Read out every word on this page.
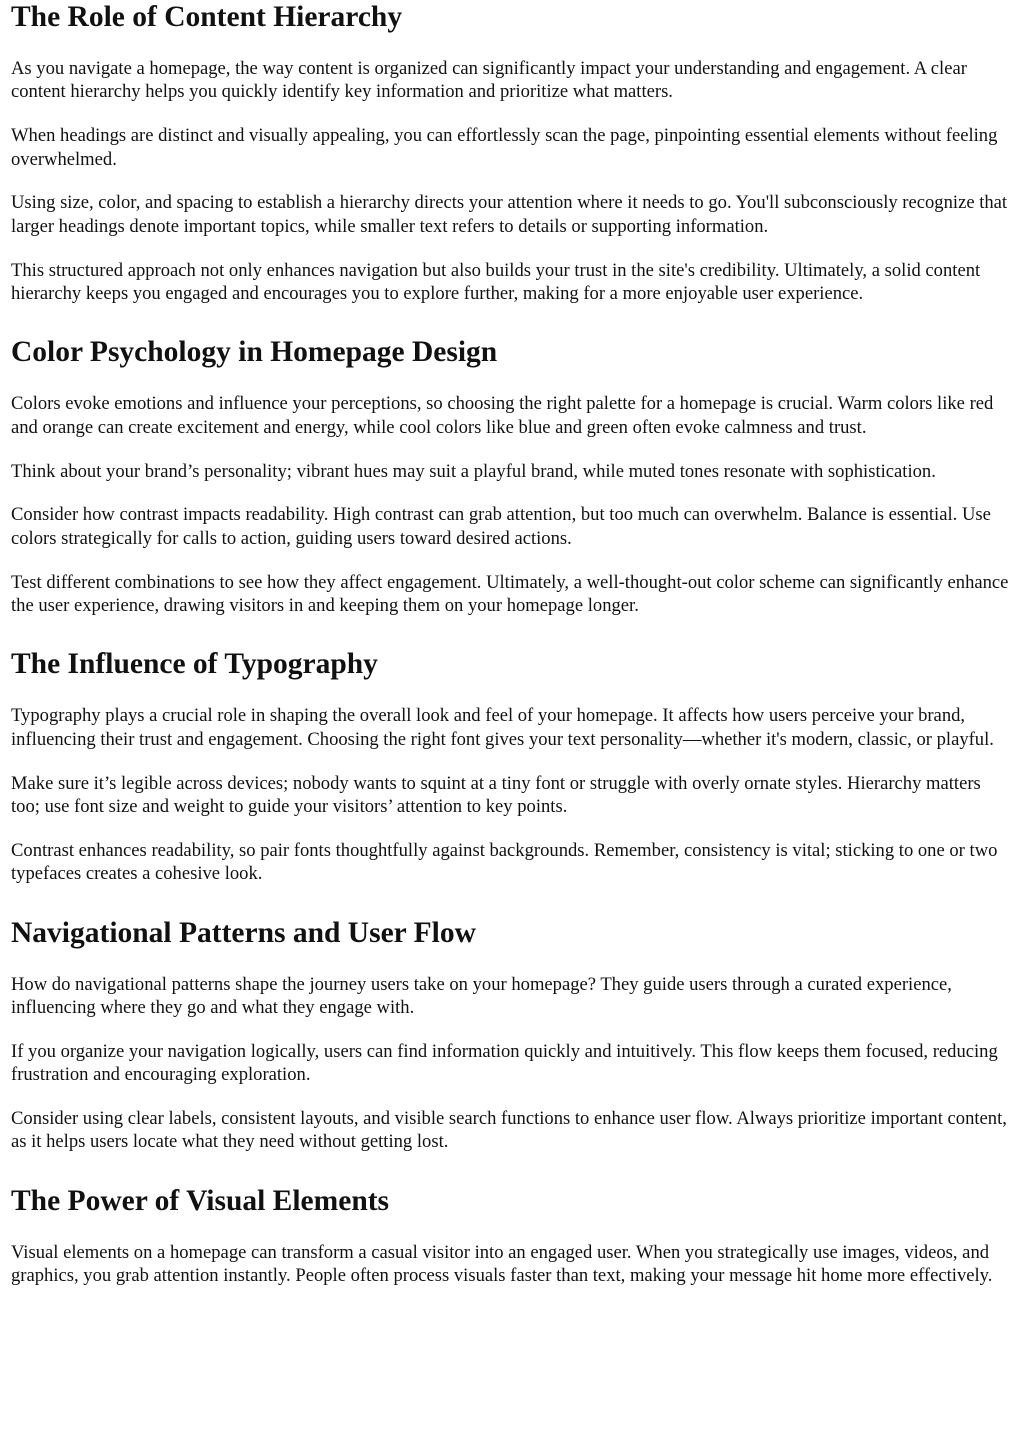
The Role of Content Hierarchy

As you navigate a homepage, the way content is organized can significantly impact your understanding and engagement. A clear content hierarchy helps you quickly identify key information and prioritize what matters.

When headings are distinct and visually appealing, you can effortlessly scan the page, pinpointing essential elements without feeling overwhelmed.

Using size, color, and spacing to establish a hierarchy directs your attention where it needs to go. You'll subconsciously recognize that larger headings denote important topics, while smaller text refers to details or supporting information.

This structured approach not only enhances navigation but also builds your trust in the site's credibility. Ultimately, a solid content hierarchy keeps you engaged and encourages you to explore further, making for a more enjoyable user experience.

Color Psychology in Homepage Design

Colors evoke emotions and influence your perceptions, so choosing the right palette for a homepage is crucial. Warm colors like red and orange can create excitement and energy, while cool colors like blue and green often evoke calmness and trust.

Think about your brand’s personality; vibrant hues may suit a playful brand, while muted tones resonate with sophistication.

Consider how contrast impacts readability. High contrast can grab attention, but too much can overwhelm. Balance is essential. Use colors strategically for calls to action, guiding users toward desired actions.

Test different combinations to see how they affect engagement. Ultimately, a well-thought-out color scheme can significantly enhance the user experience, drawing visitors in and keeping them on your homepage longer.

The Influence of Typography

Typography plays a crucial role in shaping the overall look and feel of your homepage. It affects how users perceive your brand, influencing their trust and engagement. Choosing the right font gives your text personality—whether it's modern, classic, or playful.

Make sure it’s legible across devices; nobody wants to squint at a tiny font or struggle with overly ornate styles. Hierarchy matters too; use font size and weight to guide your visitors’ attention to key points.

Contrast enhances readability, so pair fonts thoughtfully against backgrounds. Remember, consistency is vital; sticking to one or two typefaces creates a cohesive look.

Navigational Patterns and User Flow

How do navigational patterns shape the journey users take on your homepage? They guide users through a curated experience, influencing where they go and what they engage with.

If you organize your navigation logically, users can find information quickly and intuitively. This flow keeps them focused, reducing frustration and encouraging exploration.

Consider using clear labels, consistent layouts, and visible search functions to enhance user flow. Always prioritize important content, as it helps users locate what they need without getting lost.

The Power of Visual Elements

Visual elements on a homepage can transform a casual visitor into an engaged user. When you strategically use images, videos, and graphics, you grab attention instantly. People often process visuals faster than text, making your message hit home more effectively.
